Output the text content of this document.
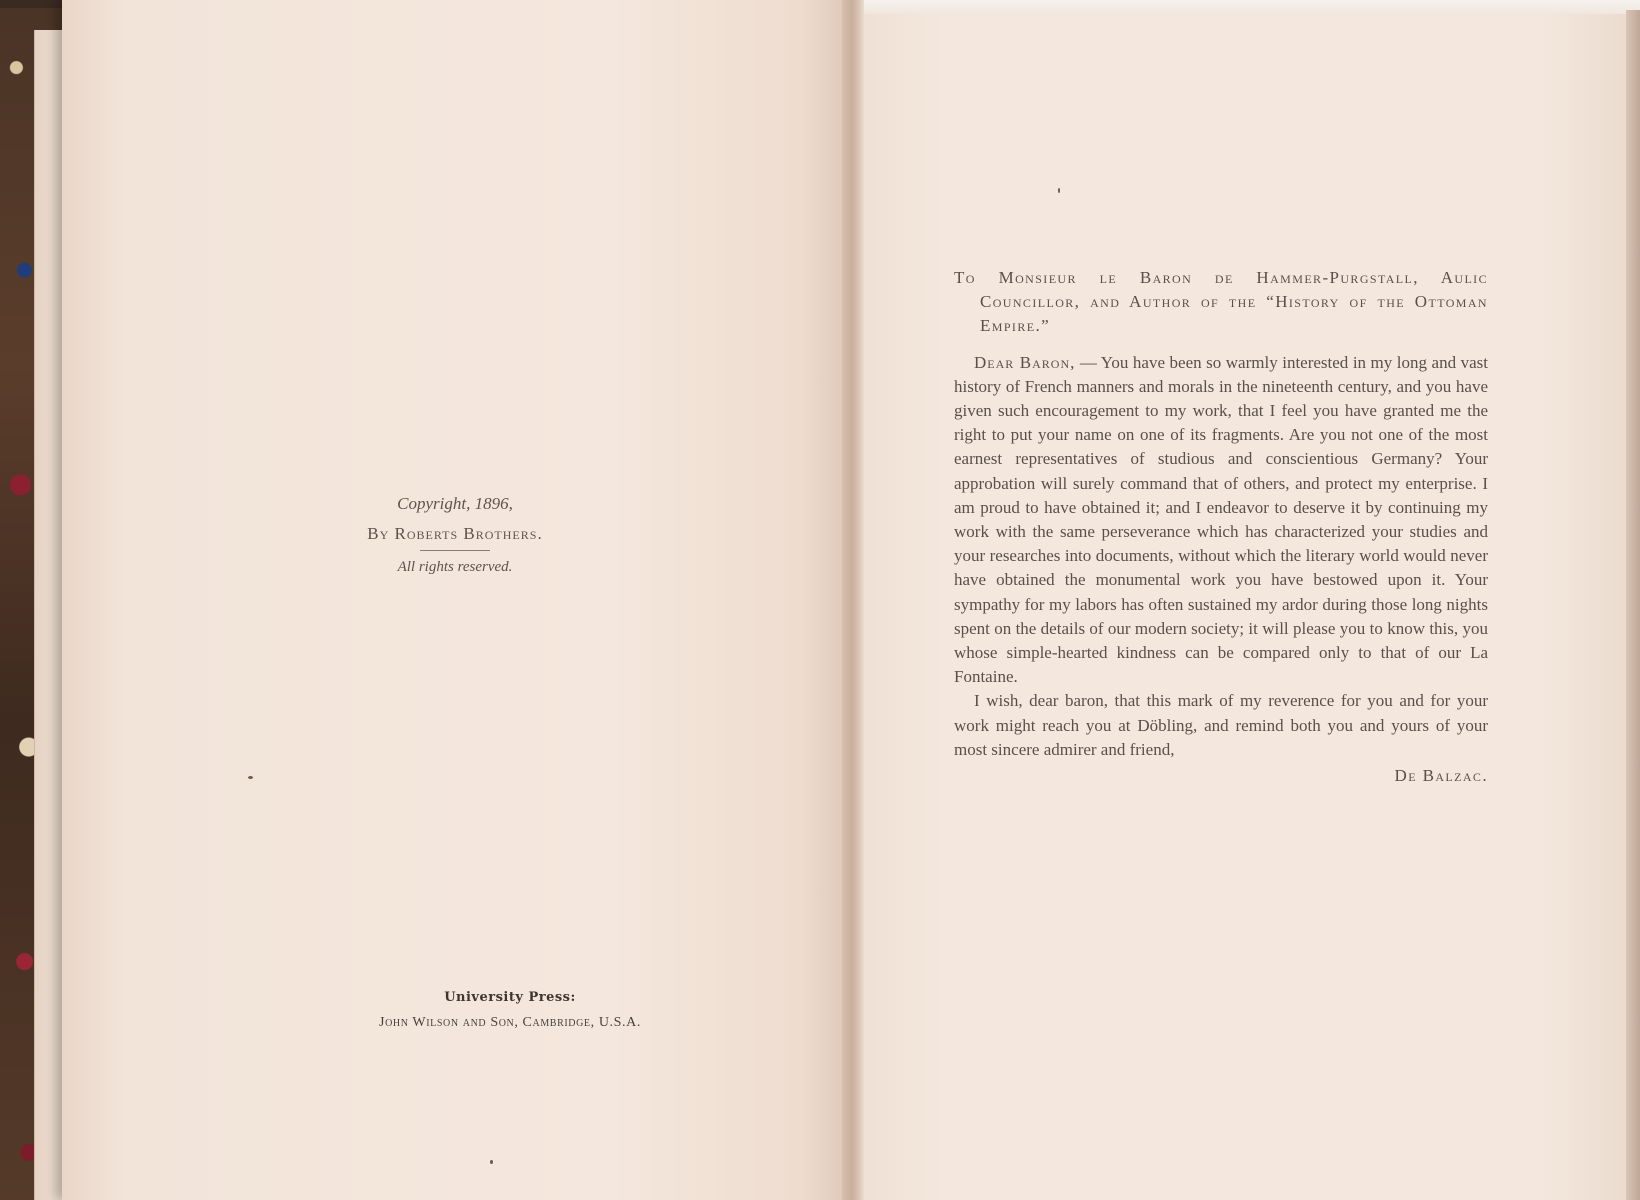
Copyright, 1896,

By Roberts Brothers.

All rights reserved.

University Press:

John Wilson and Son, Cambridge, U.S.A.

To Monsieur le Baron de Hammer-Purgstall, Aulic Councillor, and Author of the “History of the Ottoman Empire.”

Dear Baron, — You have been so warmly interested in my long and vast history of French manners and morals in the nineteenth century, and you have given such encouragement to my work, that I feel you have granted me the right to put your name on one of its fragments. Are you not one of the most earnest representatives of studious and conscientious Germany? Your approbation will surely command that of others, and protect my enterprise. I am proud to have obtained it; and I endeavor to deserve it by continuing my work with the same perseverance which has characterized your studies and your researches into documents, without which the literary world would never have obtained the monumental work you have bestowed upon it. Your sympathy for my labors has often sustained my ardor during those long nights spent on the details of our modern society; it will please you to know this, you whose simple-hearted kindness can be compared only to that of our La Fontaine.

I wish, dear baron, that this mark of my reverence for you and for your work might reach you at Döbling, and remind both you and yours of your most sincere admirer and friend,

De Balzac.
